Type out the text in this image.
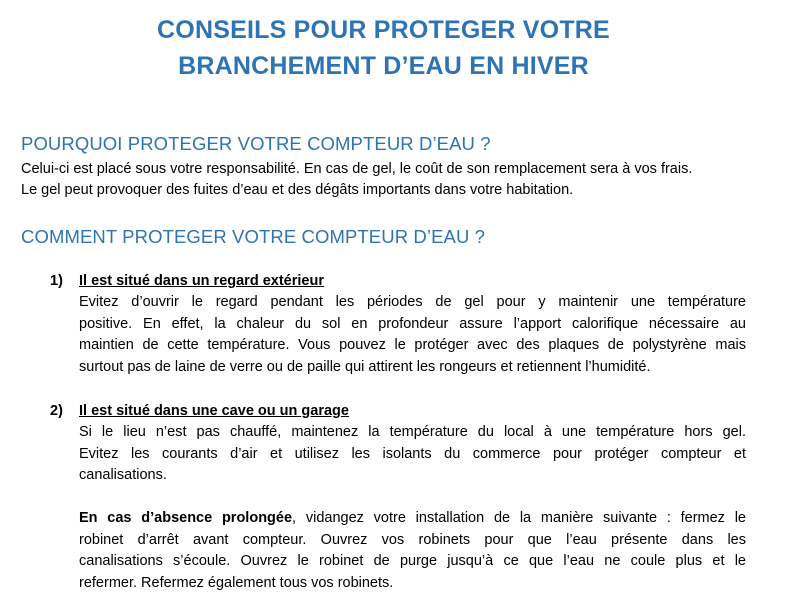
CONSEILS POUR PROTEGER VOTRE
BRANCHEMENT D’EAU EN HIVER
POURQUOI PROTEGER VOTRE COMPTEUR D’EAU ?
Celui-ci est placé sous votre responsabilité. En cas de gel, le coût de son remplacement sera à vos frais.
Le gel peut provoquer des fuites d’eau et des dégâts importants dans votre habitation.
COMMENT PROTEGER VOTRE COMPTEUR D’EAU ?
1) Il est situé dans un regard extérieur
Evitez d’ouvrir le regard pendant les périodes de gel pour y maintenir une température
positive. En effet, la chaleur du sol en profondeur assure l’apport calorifique nécessaire au
maintien de cette température. Vous pouvez le protéger avec des plaques de polystyrène mais
surtout pas de laine de verre ou de paille qui attirent les rongeurs et retiennent l’humidité.
2) Il est situé dans une cave ou un garage
Si le lieu n’est pas chauffé, maintenez la température du local à une température hors gel.
Evitez les courants d’air et utilisez les isolants du commerce pour protéger compteur et
canalisations.
En cas d’absence prolongée, vidangez votre installation de la manière suivante : fermez le
robinet d’arrêt avant compteur. Ouvrez vos robinets pour que l’eau présente dans les
canalisations s’écoule. Ouvrez le robinet de purge jusqu’à ce que l’eau ne coule plus et le
refermer. Refermez également tous vos robinets.
